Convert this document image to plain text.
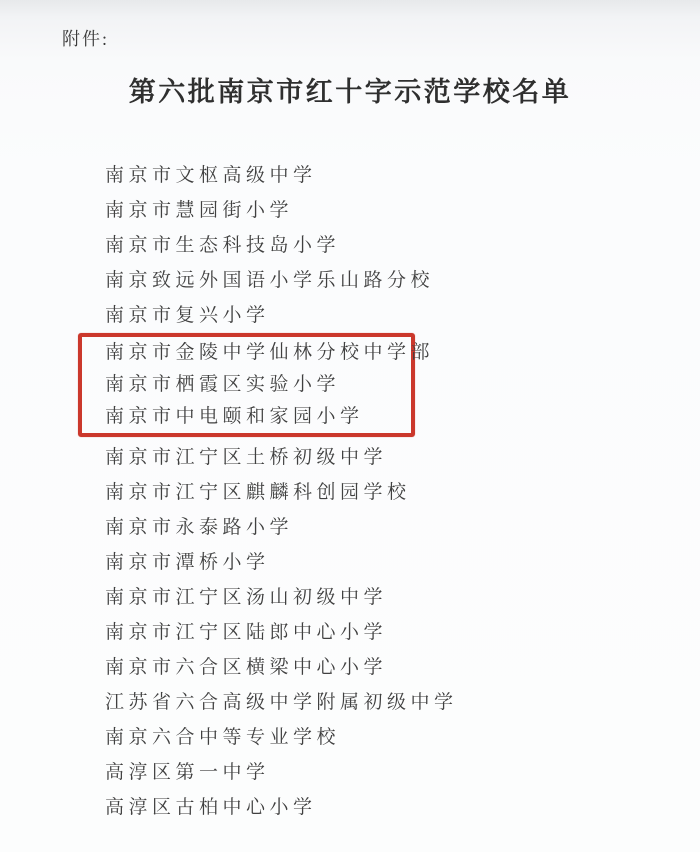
附件:
第六批南京市红十字示范学校名单
南京市文枢高级中学
南京市慧园街小学
南京市生态科技岛小学
南京致远外国语小学乐山路分校
南京市复兴小学
南京市金陵中学仙林分校中学部
南京市栖霞区实验小学
南京市中电颐和家园小学
南京市江宁区土桥初级中学
南京市江宁区麒麟科创园学校
南京市永泰路小学
南京市潭桥小学
南京市江宁区汤山初级中学
南京市江宁区陆郎中心小学
南京市六合区横梁中心小学
江苏省六合高级中学附属初级中学
南京六合中等专业学校
高淳区第一中学
高淳区古柏中心小学
